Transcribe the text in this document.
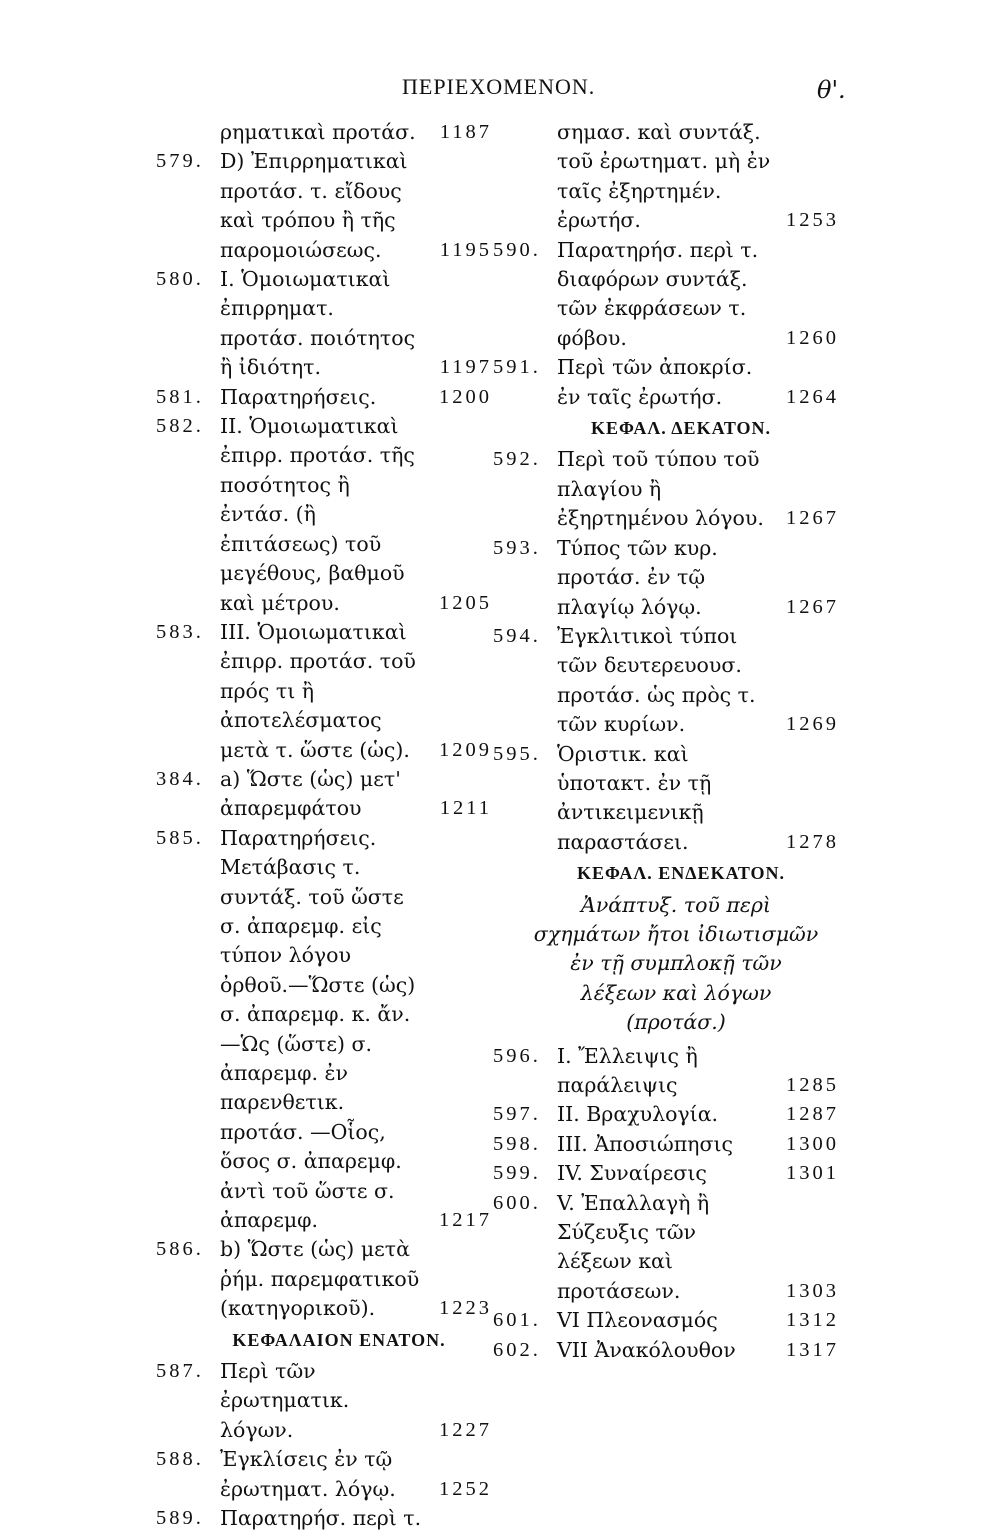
ΠΕΡΙΕΧΟΜΕΝΟΝ.	θ'.
ρηματικαὶ προτάσ.	1187
579. D) Ἐπιρρηματικαὶ προτάσ. τ. εἴδους καὶ τρόπου ἢ τῆς παρομοιώσεως.	1195
580. I. Ὁμοιωματικαὶ ἐπιρρηματ. προτάσ. ποιότητος ἢ ἰδιότητ.	1197
581. Παρατηρήσεις.	1200
582. II. Ὁμοιωματικαὶ ἐπιρρ. προτάσ. τῆς ποσότητος ἢ ἐντάσ. (ἢ ἐπιτάσεως) τοῦ μεγέθους, βαθμοῦ καὶ μέτρου.	1205
583. III. Ὁμοιωματικαὶ ἐπιρρ. προτάσ. τοῦ πρός τι ἢ ἀποτελέσματος μετὰ τ. ὥστε (ὡς).	1209
384. a) Ὥστε (ὡς) μετ' ἀπαρεμφάτου	1211
585. Παρατηρήσεις. Μετάβασις τ. συντάξ. τοῦ ὥστε σ. ἀπαρεμφ. εἰς τύπον λόγου ὀρθοῦ.—Ὥστε (ὡς) σ. ἀπαρεμφ. κ. ἄν.—Ὡς (ὥστε) σ. ἀπαρεμφ. ἐν παρενθετικ. προτάσ. —Οἷος, ὅσος σ. ἀπαρεμφ. ἀντὶ τοῦ ὥστε σ. ἀπαρεμφ.	1217
586. b) Ὥστε (ὡς) μετὰ ῥήμ. παρεμφατικοῦ (κατηγορικοῦ).	1223
ΚΕΦΑΛΑΙΟΝ ΕΝΑΤΟΝ.
587. Περὶ τῶν ἐρωτηματικ. λόγων.	1227
588. Ἐγκλίσεις ἐν τῷ ἐρωτηματ. λόγῳ.	1252
589. Παρατηρήσ. περὶ τ.
σημασ. καὶ συντάξ. τοῦ ἐρωτηματ. μὴ ἐν ταῖς ἐξηρτημέν. ἐρωτήσ.	1253
590. Παρατηρήσ. περὶ τ. διαφόρων συντάξ. τῶν ἐκφράσεων τ. φόβου.	1260
591. Περὶ τῶν ἀποκρίσ. ἐν ταῖς ἐρωτήσ.	1264
ΚΕΦΑΛ. ΔΕΚΑΤΟΝ.
592. Περὶ τοῦ τύπου τοῦ πλαγίου ἢ ἐξηρτημένου λόγου.	1267
593. Τύπος τῶν κυρ. προτάσ. ἐν τῷ πλαγίῳ λόγῳ.	1267
594. Ἐγκλιτικοὶ τύποι τῶν δευτερευουσ. προτάσ. ὡς πρὸς τ. τῶν κυρίων.	1269
595. Ὁριστικ. καὶ ὑποτακτ. ἐν τῇ ἀντικειμενικῇ παραστάσει.	1278
ΚΕΦΑΛ. ΕΝΔΕΚΑΤΟΝ.
Ἀνάπτυξ. τοῦ περὶ σχημάτων ἤτοι ἰδιωτισμῶν ἐν τῇ συμπλοκῇ τῶν λέξεων καὶ λόγων (προτάσ.)
596. I. Ἔλλειψις ἢ παράλειψις	1285
597. II. Βραχυλογία.	1287
598. III. Ἀποσιώπησις	1300
599. IV. Συναίρεσις	1301
600. V. Ἐπαλλαγὴ ἢ Σύζευξις τῶν λέξεων καὶ προτάσεων.	1303
601. VI Πλεονασμός	1312
602. VII Ἀνακόλουθον	1317
